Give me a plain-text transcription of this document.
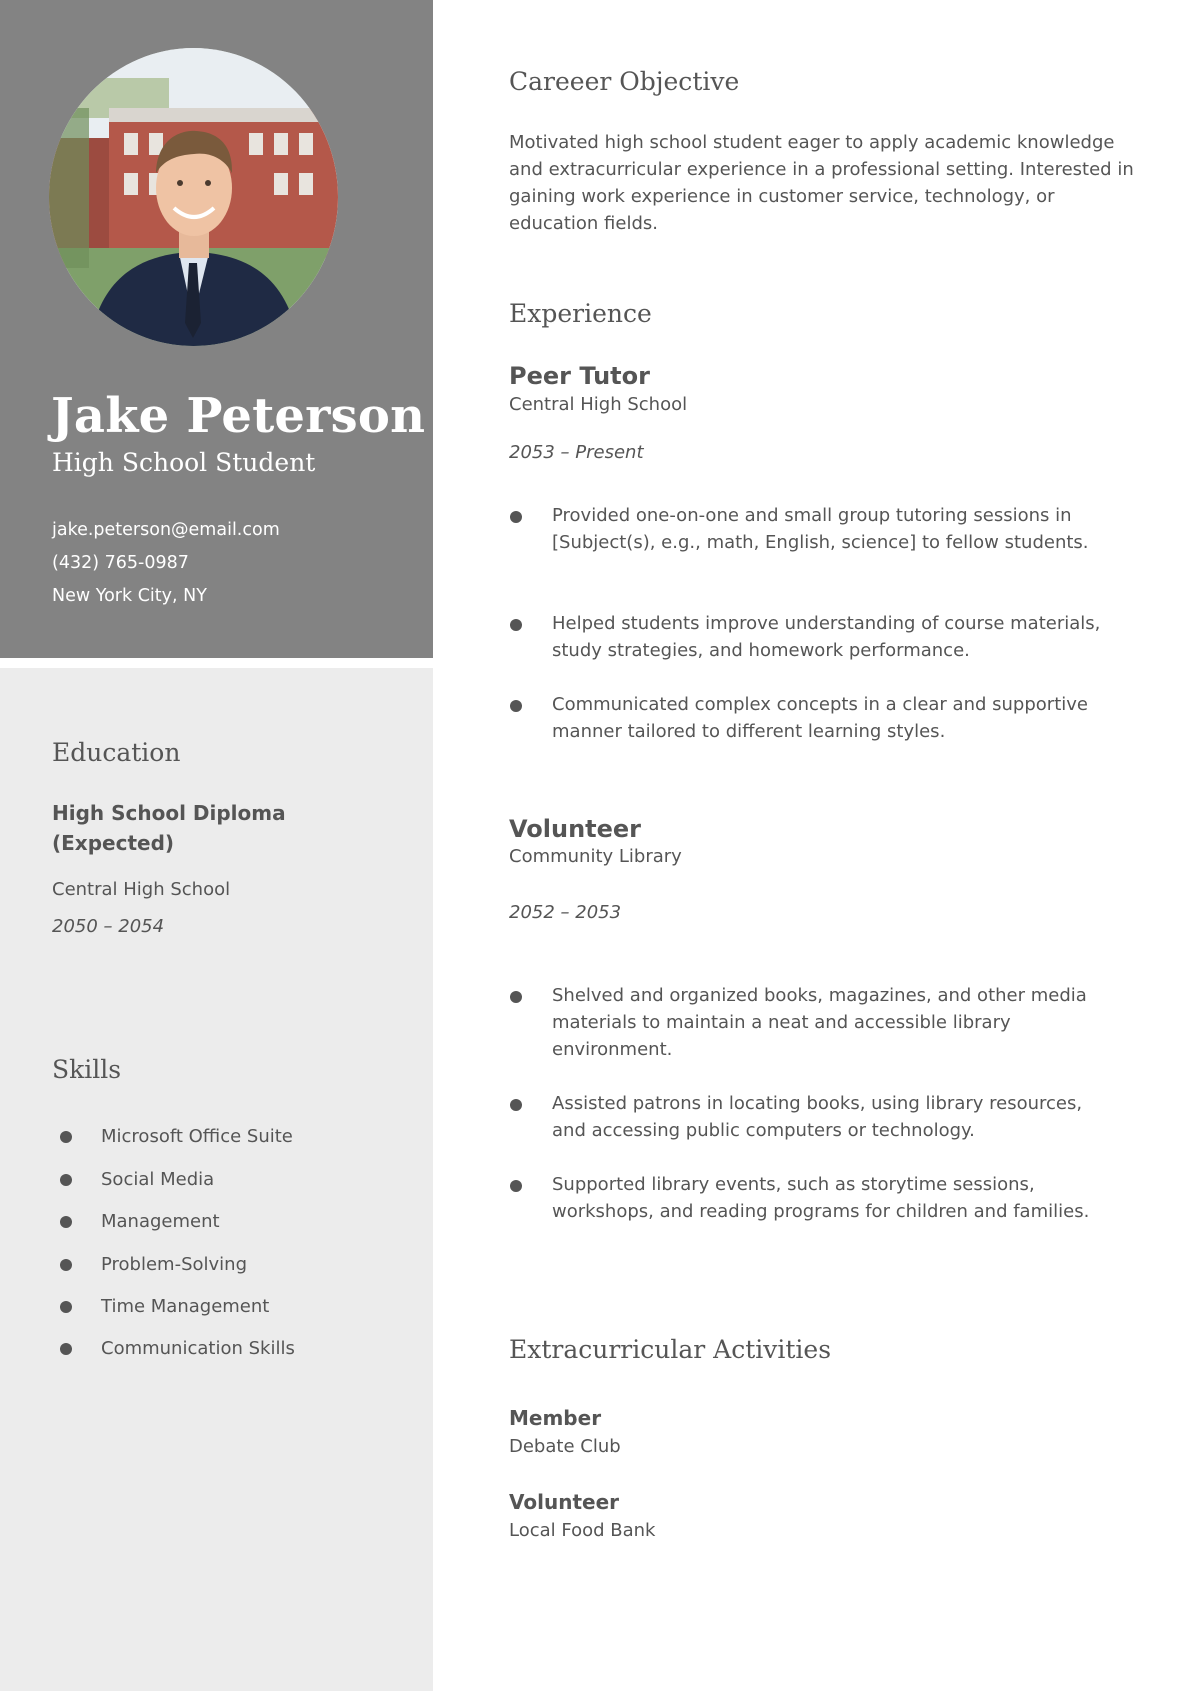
Jake Peterson
High School Student
jake.peterson@email.com
(432) 765-0987
New York City, NY
Education
High School Diploma (Expected)
Central High School
2050 – 2054
Skills
Microsoft Office Suite
Social Media
Management
Problem-Solving
Time Management
Communication Skills
Careeer Objective
Motivated high school student eager to apply academic knowledge and extracurricular experience in a professional setting. Interested in gaining work experience in customer service, technology, or education fields.
Experience
Peer Tutor
Central High School
2053 – Present
Provided one-on-one and small group tutoring sessions in [Subject(s), e.g., math, English, science] to fellow students.
Helped students improve understanding of course materials, study strategies, and homework performance.
Communicated complex concepts in a clear and supportive manner tailored to different learning styles.
Volunteer
Community Library
2052 – 2053
Shelved and organized books, magazines, and other media materials to maintain a neat and accessible library environment.
Assisted patrons in locating books, using library resources, and accessing public computers or technology.
Supported library events, such as storytime sessions, workshops, and reading programs for children and families.
Extracurricular Activities
Member
Debate Club
Volunteer
Local Food Bank
